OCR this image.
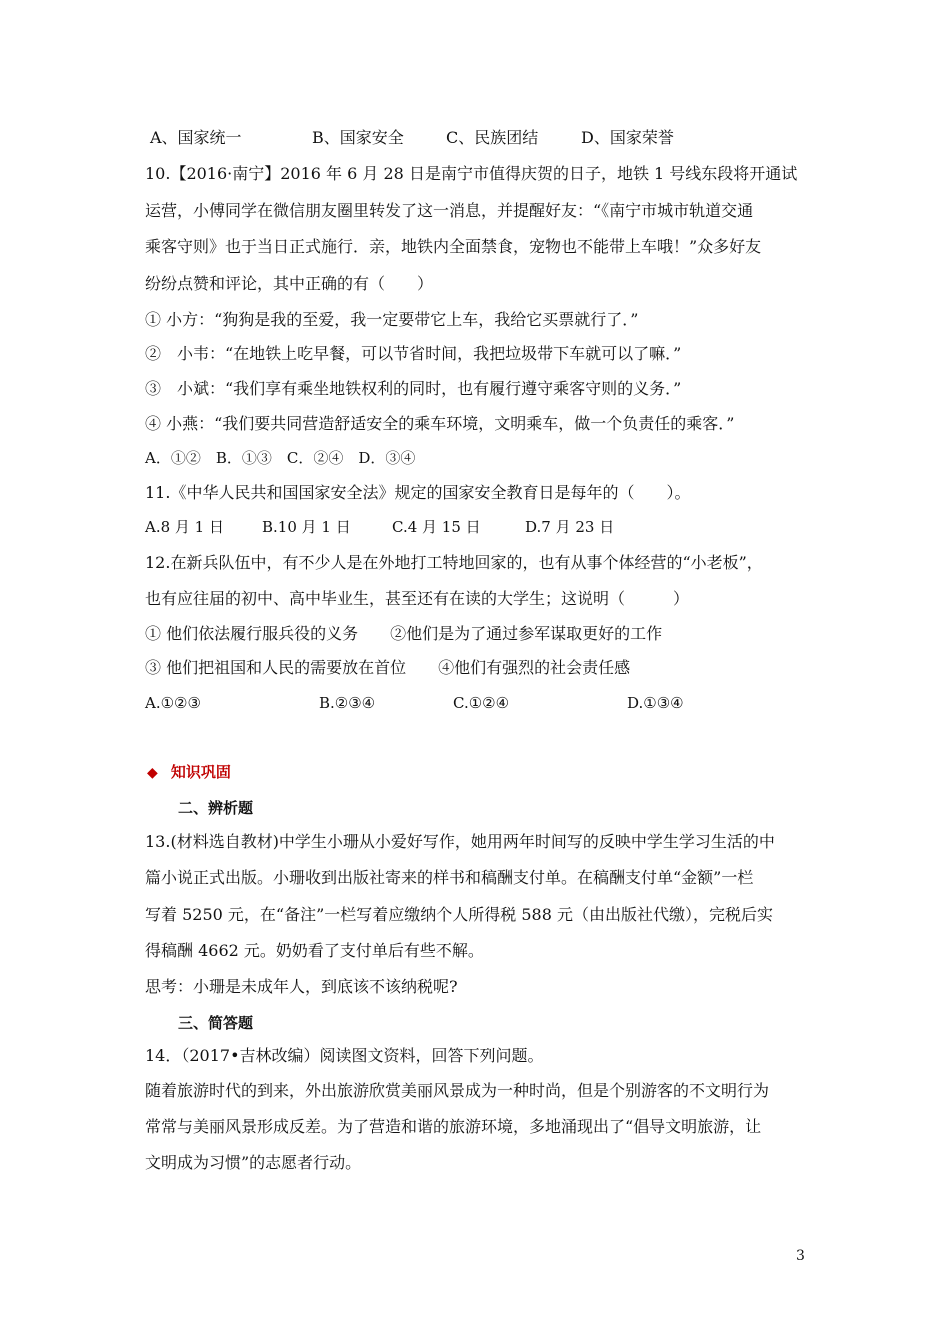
A、国家统一	B、国家安全	C、民族团结	D、国家荣誉
10.【2016·南宁】2016 年 6 月 28 日是南宁市值得庆贺的日子，地铁 1 号线东段将开通试
运营，小傅同学在微信朋友圈里转发了这一消息，并提醒好友：“《南宁市城市轨道交通
乘客守则》也于当日正式施行．亲，地铁内全面禁食，宠物也不能带上车哦！”众多好友
纷纷点赞和评论，其中正确的有（　　）
① 小方：“狗狗是我的至爱，我一定要带它上车，我给它买票就行了．”
②　小韦：“在地铁上吃早餐，可以节省时间，我把垃圾带下车就可以了嘛．”
③　小斌：“我们享有乘坐地铁权利的同时，也有履行遵守乘客守则的义务．”
④ 小燕：“我们要共同营造舒适安全的乘车环境，文明乘车，做一个负责任的乘客．”
A．①②　B．①③　C．②④　D．③④
11.《中华人民共和国国家安全法》规定的国家安全教育日是每年的（　　）。
A.8 月 1 日	B.10 月 1 日	C.4 月 15 日	D.7 月 23 日
12.在新兵队伍中，有不少人是在外地打工特地回家的，也有从事个体经营的“小老板”，
也有应往届的初中、高中毕业生，甚至还有在读的大学生；这说明（　　　）
① 他们依法履行服兵役的义务　　②他们是为了通过参军谋取更好的工作
③ 他们把祖国和人民的需要放在首位　　④他们有强烈的社会责任感
A.①②③	B.②③④	C.①②④	D.①③④
◆ 知识巩固
二、辨析题
13.(材料选自教材)中学生小珊从小爱好写作，她用两年时间写的反映中学生学习生活的中
篇小说正式出版。小珊收到出版社寄来的样书和稿酬支付单。在稿酬支付单“金额”一栏
写着 5250 元，在“备注”一栏写着应缴纳个人所得税 588 元（由出版社代缴），完税后实
得稿酬 4662 元。奶奶看了支付单后有些不解。
思考：小珊是未成年人，到底该不该纳税呢?
三、简答题
14．（2017•吉林改编）阅读图文资料，回答下列问题。
随着旅游时代的到来，外出旅游欣赏美丽风景成为一种时尚，但是个别游客的不文明行为
常常与美丽风景形成反差。为了营造和谐的旅游环境，多地涌现出了“倡导文明旅游，让
文明成为习惯”的志愿者行动。
3
